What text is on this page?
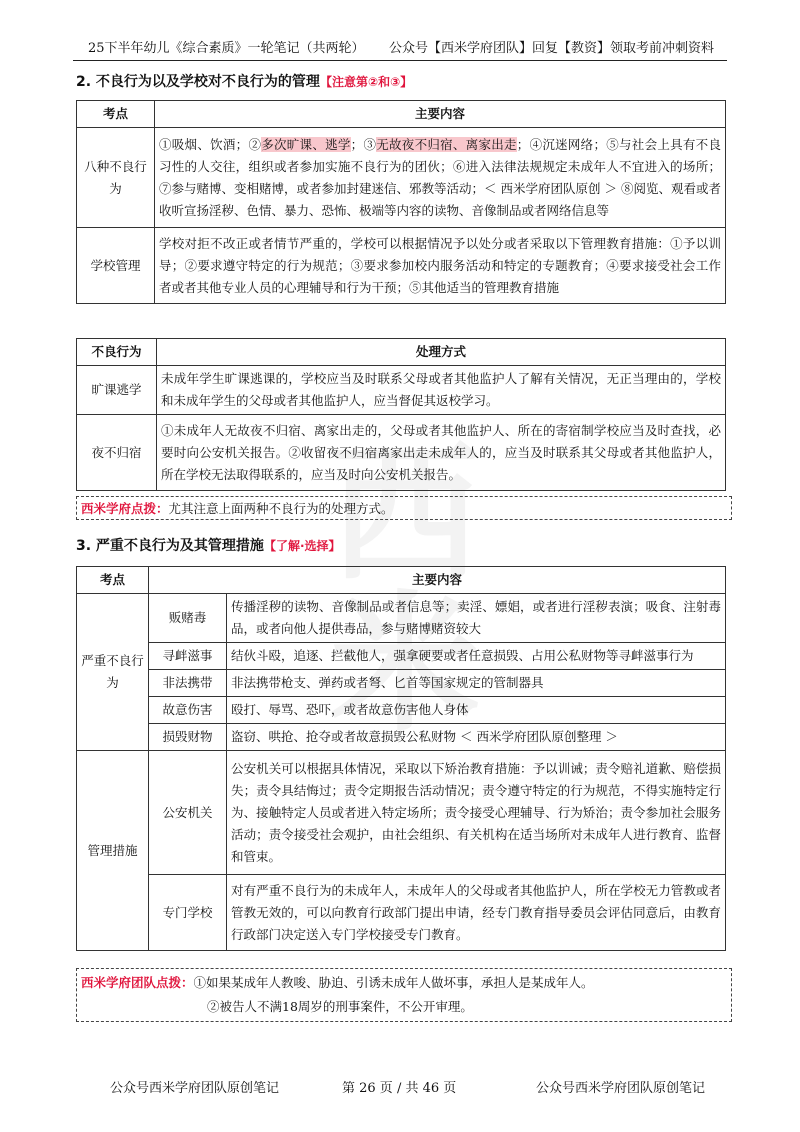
25下半年幼儿《综合素质》一轮笔记（共两轮） 公众号【西米学府团队】回复【教资】领取考前冲刺资料

2. 不良行为以及学校对不良行为的管理【注意第②和③】
考点	主要内容
八种不良行为	①吸烟、饮酒；②多次旷课、逃学；③无故夜不归宿、离家出走；④沉迷网络；⑤与社会上具有不良习性的人交往，组织或者参加实施不良行为的团伙；⑥进入法律法规规定未成年人不宜进入的场所；⑦参与赌博、变相赌博，或者参加封建迷信、邪教等活动；＜ 西米学府团队原创 ＞ ⑧阅览、观看或者收听宣扬淫秽、色情、暴力、恐怖、极端等内容的读物、音像制品或者网络信息等
学校管理	学校对拒不改正或者情节严重的，学校可以根据情况予以处分或者采取以下管理教育措施：①予以训导；②要求遵守特定的行为规范；③要求参加校内服务活动和特定的专题教育；④要求接受社会工作者或者其他专业人员的心理辅导和行为干预；⑤其他适当的管理教育措施
不良行为	处理方式
旷课逃学	未成年学生旷课逃课的，学校应当及时联系父母或者其他监护人了解有关情况，无正当理由的，学校和未成年学生的父母或者其他监护人，应当督促其返校学习。
夜不归宿	①未成年人无故夜不归宿、离家出走的，父母或者其他监护人、所在的寄宿制学校应当及时查找，必要时向公安机关报告。②收留夜不归宿离家出走未成年人的，应当及时联系其父母或者其他监护人，所在学校无法取得联系的，应当及时向公安机关报告。
西米学府点拨：尤其注意上面两种不良行为的处理方式。
3. 严重不良行为及其管理措施【了解·选择】
考点	主要内容	
严重不良行为	贩赌毒	传播淫秽的读物、音像制品或者信息等；卖淫、嫖娼，或者进行淫秽表演；吸食、注射毒品，或者向他人提供毒品，参与赌博赌资较大
	寻衅滋事	结伙斗殴，追逐、拦截他人，强拿硬要或者任意损毁、占用公私财物等寻衅滋事行为
	非法携带	非法携带枪支、弹药或者弩、匕首等国家规定的管制器具
	故意伤害	殴打、辱骂、恐吓，或者故意伤害他人身体
	损毁财物	盗窃、哄抢、抢夺或者故意损毁公私财物 ＜ 西米学府团队原创整理 ＞
管理措施	公安机关	公安机关可以根据具体情况，采取以下矫治教育措施：予以训诫；责令赔礼道歉、赔偿损失；责令具结悔过；责令定期报告活动情况；责令遵守特定的行为规范，不得实施特定行为、接触特定人员或者进入特定场所；责令接受心理辅导、行为矫治；责令参加社会服务活动；责令接受社会观护，由社会组织、有关机构在适当场所对未成年人进行教育、监督和管束。
	专门学校	对有严重不良行为的未成年人，未成年人的父母或者其他监护人，所在学校无力管教或者管教无效的，可以向教育行政部门提出申请，经专门教育指导委员会评估同意后，由教育行政部门决定送入专门学校接受专门教育。
西米学府团队点拨：①如果某成年人教唆、胁迫、引诱未成年人做坏事，承担人是某成年人。
②被告人不满18周岁的刑事案件，不公开审理。
公众号西米学府团队原创笔记	第 26 页 / 共 46 页	公众号西米学府团队原创笔记
